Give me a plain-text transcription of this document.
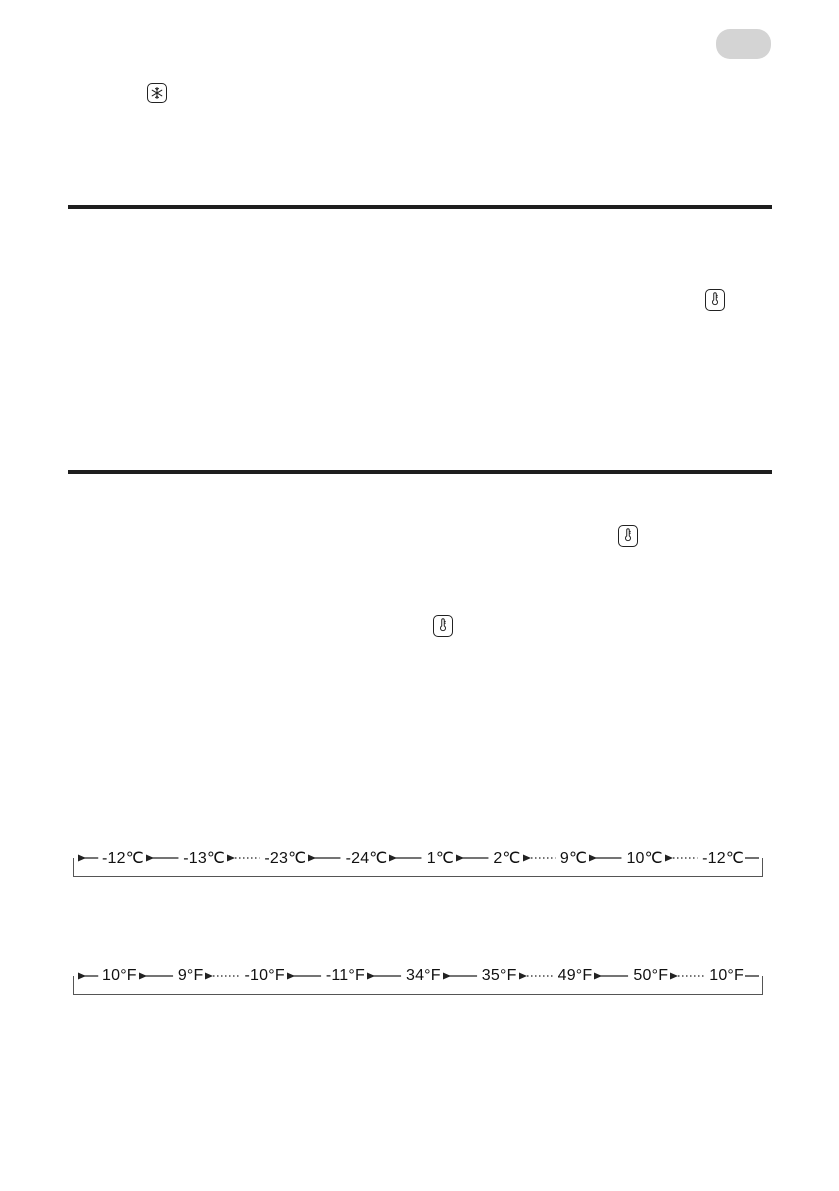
-12℃ -13℃ -23℃ -24℃ 1℃ 2℃ 9℃ 10℃ -12℃
10°F	9°F	-10°F	-11°F	34°F	35°F	49°F	50°F	10°F
